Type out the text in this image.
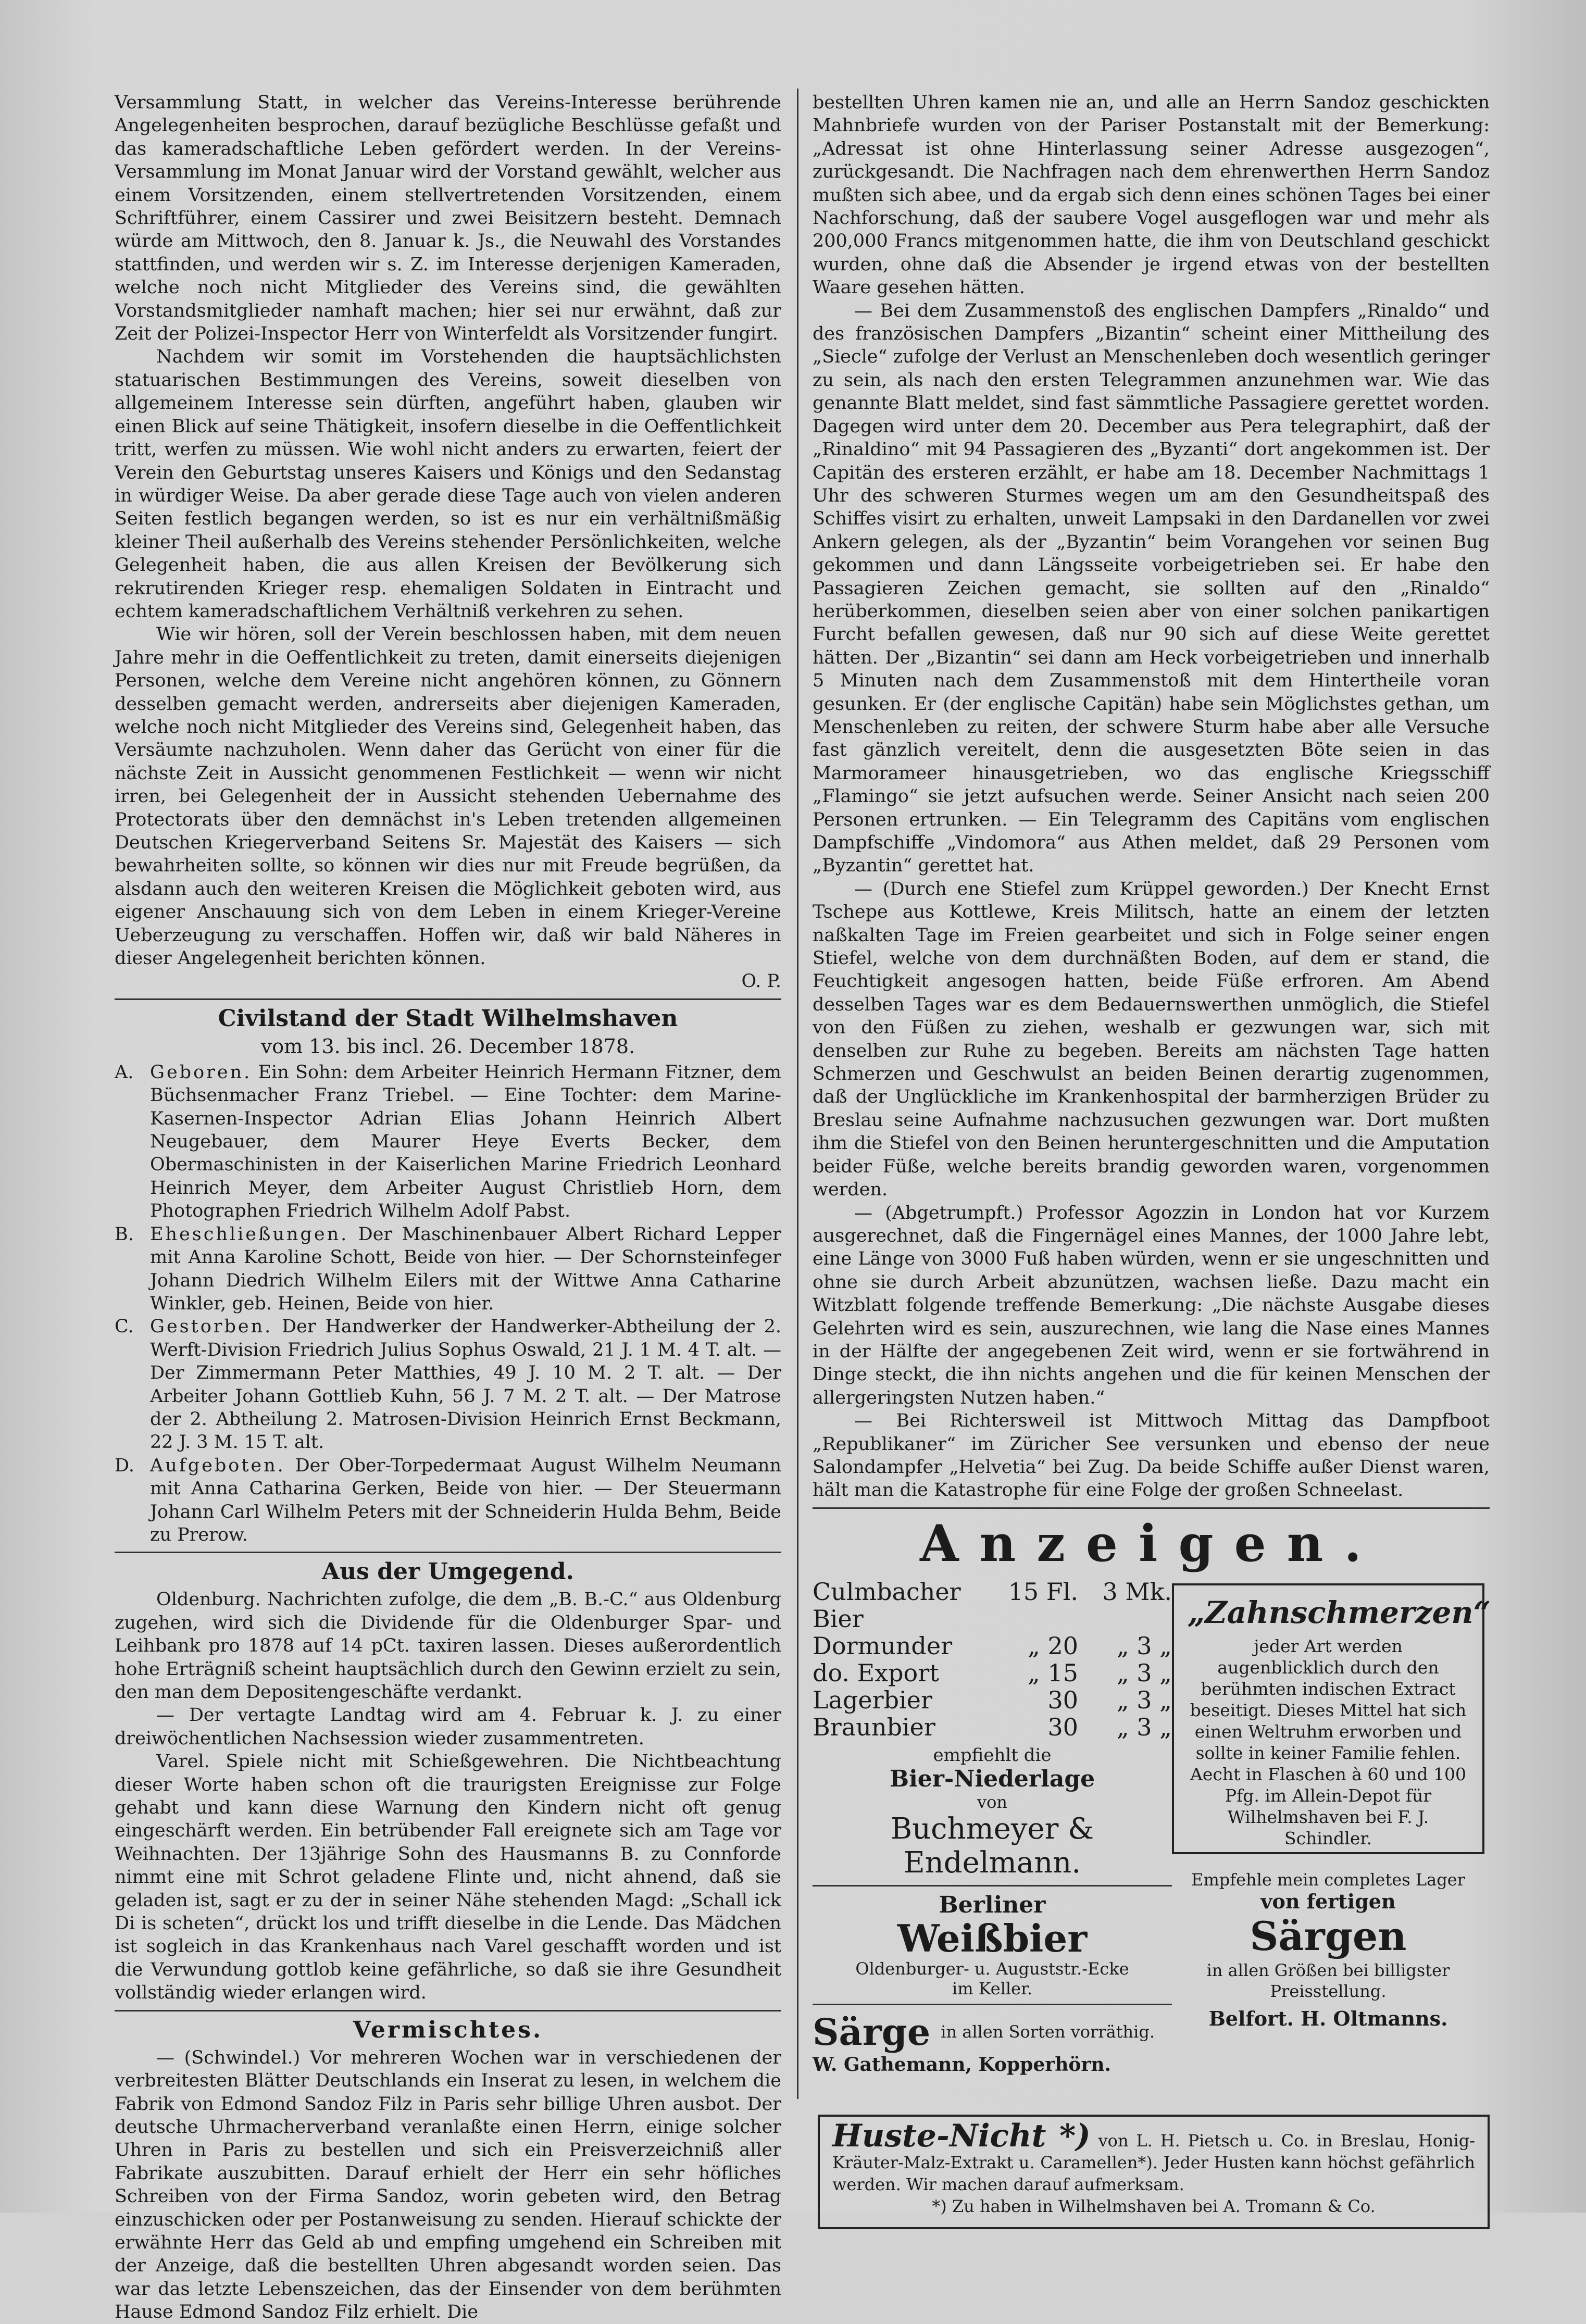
Versammlung Statt, in welcher das Vereins-Interesse berührende Angelegenheiten besprochen, darauf bezügliche Beschlüsse gefaßt und das kameradschaftliche Leben gefördert werden. In der Vereins-Versammlung im Monat Januar wird der Vorstand gewählt, welcher aus einem Vorsitzenden, einem stellvertretenden Vorsitzenden, einem Schriftführer, einem Cassirer und zwei Beisitzern besteht. Demnach würde am Mittwoch, den 8. Januar k. Js., die Neuwahl des Vorstandes stattfinden, und werden wir s. Z. im Interesse derjenigen Kameraden, welche noch nicht Mitglieder des Vereins sind, die gewählten Vorstandsmitglieder namhaft machen; hier sei nur erwähnt, daß zur Zeit der Polizei-Inspector Herr von Winterfeldt als Vorsitzender fungirt.

Nachdem wir somit im Vorstehenden die hauptsächlichsten statuarischen Bestimmungen des Vereins, soweit dieselben von allgemeinem Interesse sein dürften, angeführt haben, glauben wir einen Blick auf seine Thätigkeit, insofern dieselbe in die Oeffentlichkeit tritt, werfen zu müssen. Wie wohl nicht anders zu erwarten, feiert der Verein den Geburtstag unseres Kaisers und Königs und den Sedanstag in würdiger Weise. Da aber gerade diese Tage auch von vielen anderen Seiten festlich begangen werden, so ist es nur ein verhältnißmäßig kleiner Theil außerhalb des Vereins stehender Persönlichkeiten, welche Gelegenheit haben, die aus allen Kreisen der Bevölkerung sich rekrutirenden Krieger resp. ehemaligen Soldaten in Eintracht und echtem kameradschaftlichem Verhältniß verkehren zu sehen.

Wie wir hören, soll der Verein beschlossen haben, mit dem neuen Jahre mehr in die Oeffentlichkeit zu treten, damit einerseits diejenigen Personen, welche dem Vereine nicht angehören können, zu Gönnern desselben gemacht werden, andrerseits aber diejenigen Kameraden, welche noch nicht Mitglieder des Vereins sind, Gelegenheit haben, das Versäumte nachzuholen. Wenn daher das Gerücht von einer für die nächste Zeit in Aussicht genommenen Festlichkeit — wenn wir nicht irren, bei Gelegenheit der in Aussicht stehenden Uebernahme des Protectorats über den demnächst in's Leben tretenden allgemeinen Deutschen Kriegerverband Seitens Sr. Majestät des Kaisers — sich bewahrheiten sollte, so können wir dies nur mit Freude begrüßen, da alsdann auch den weiteren Kreisen die Möglichkeit geboten wird, aus eigener Anschauung sich von dem Leben in einem Krieger-Vereine Ueberzeugung zu verschaffen. Hoffen wir, daß wir bald Näheres in dieser Angelegenheit berichten können.

O. P.

Civilstand der Stadt Wilhelmshaven
vom 13. bis incl. 26. December 1878.
A. Geboren. Ein Sohn: dem Arbeiter Heinrich Hermann Fitzner, dem Büchsenmacher Franz Triebel. — Eine Tochter: dem Marine-Kasernen-Inspector Adrian Elias Johann Heinrich Albert Neugebauer, dem Maurer Heye Everts Becker, dem Obermaschinisten in der Kaiserlichen Marine Friedrich Leonhard Heinrich Meyer, dem Arbeiter August Christlieb Horn, dem Photographen Friedrich Wilhelm Adolf Pabst.
B. Eheschließungen. Der Maschinenbauer Albert Richard Lepper mit Anna Karoline Schott, Beide von hier. — Der Schornsteinfeger Johann Diedrich Wilhelm Eilers mit der Wittwe Anna Catharine Winkler, geb. Heinen, Beide von hier.
C. Gestorben. Der Handwerker der Handwerker-Abtheilung der 2. Werft-Division Friedrich Julius Sophus Oswald, 21 J. 1 M. 4 T. alt. — Der Zimmermann Peter Matthies, 49 J. 10 M. 2 T. alt. — Der Arbeiter Johann Gottlieb Kuhn, 56 J. 7 M. 2 T. alt. — Der Matrose der 2. Abtheilung 2. Matrosen-Division Heinrich Ernst Beckmann, 22 J. 3 M. 15 T. alt.
D. Aufgeboten. Der Ober-Torpedermaat August Wilhelm Neumann mit Anna Catharina Gerken, Beide von hier. — Der Steuermann Johann Carl Wilhelm Peters mit der Schneiderin Hulda Behm, Beide zu Prerow.
Aus der Umgegend.

Oldenburg. Nachrichten zufolge, die dem „B. B.-C.“ aus Oldenburg zugehen, wird sich die Dividende für die Oldenburger Spar- und Leihbank pro 1878 auf 14 pCt. taxiren lassen. Dieses außerordentlich hohe Erträgniß scheint hauptsächlich durch den Gewinn erzielt zu sein, den man dem Depositengeschäfte verdankt.

— Der vertagte Landtag wird am 4. Februar k. J. zu einer dreiwöchentlichen Nachsession wieder zusammentreten.

Varel. Spiele nicht mit Schießgewehren. Die Nichtbeachtung dieser Worte haben schon oft die traurigsten Ereignisse zur Folge gehabt und kann diese Warnung den Kindern nicht oft genug eingeschärft werden. Ein betrübender Fall ereignete sich am Tage vor Weihnachten. Der 13jährige Sohn des Hausmanns B. zu Connforde nimmt eine mit Schrot geladene Flinte und, nicht ahnend, daß sie geladen ist, sagt er zu der in seiner Nähe stehenden Magd: „Schall ick Di is scheten“, drückt los und trifft dieselbe in die Lende. Das Mädchen ist sogleich in das Krankenhaus nach Varel geschafft worden und ist die Verwundung gottlob keine gefährliche, so daß sie ihre Gesundheit vollständig wieder erlangen wird.

Vermischtes.

— (Schwindel.) Vor mehreren Wochen war in verschiedenen der verbreitesten Blätter Deutschlands ein Inserat zu lesen, in welchem die Fabrik von Edmond Sandoz Filz in Paris sehr billige Uhren ausbot. Der deutsche Uhrmacherverband veranlaßte einen Herrn, einige solcher Uhren in Paris zu bestellen und sich ein Preisverzeichniß aller Fabrikate auszubitten. Darauf erhielt der Herr ein sehr höfliches Schreiben von der Firma Sandoz, worin gebeten wird, den Betrag einzuschicken oder per Postanweisung zu senden. Hierauf schickte der erwähnte Herr das Geld ab und empfing umgehend ein Schreiben mit der Anzeige, daß die bestellten Uhren abgesandt worden seien. Das war das letzte Lebenszeichen, das der Einsender von dem berühmten Hause Edmond Sandoz Filz erhielt. Die

bestellten Uhren kamen nie an, und alle an Herrn Sandoz geschickten Mahnbriefe wurden von der Pariser Postanstalt mit der Bemerkung: „Adressat ist ohne Hinterlassung seiner Adresse ausgezogen“, zurückgesandt. Die Nachfragen nach dem ehrenwerthen Herrn Sandoz mußten sich abee, und da ergab sich denn eines schönen Tages bei einer Nachforschung, daß der saubere Vogel ausgeflogen war und mehr als 200,000 Francs mitgenommen hatte, die ihm von Deutschland geschickt wurden, ohne daß die Absender je irgend etwas von der bestellten Waare gesehen hätten.

— Bei dem Zusammenstoß des englischen Dampfers „Rinaldo“ und des französischen Dampfers „Bizantin“ scheint einer Mittheilung des „Siecle“ zufolge der Verlust an Menschenleben doch wesentlich geringer zu sein, als nach den ersten Telegrammen anzunehmen war. Wie das genannte Blatt meldet, sind fast sämmtliche Passagiere gerettet worden. Dagegen wird unter dem 20. December aus Pera telegraphirt, daß der „Rinaldino“ mit 94 Passagieren des „Byzanti“ dort angekommen ist. Der Capitän des ersteren erzählt, er habe am 18. December Nachmittags 1 Uhr des schweren Sturmes wegen um am den Gesundheitspaß des Schiffes visirt zu erhalten, unweit Lampsaki in den Dardanellen vor zwei Ankern gelegen, als der „Byzantin“ beim Vorangehen vor seinen Bug gekommen und dann Längsseite vorbeigetrieben sei. Er habe den Passagieren Zeichen gemacht, sie sollten auf den „Rinaldo“ herüberkommen, dieselben seien aber von einer solchen panikartigen Furcht befallen gewesen, daß nur 90 sich auf diese Weite gerettet hätten. Der „Bizantin“ sei dann am Heck vorbeigetrieben und innerhalb 5 Minuten nach dem Zusammenstoß mit dem Hintertheile voran gesunken. Er (der englische Capitän) habe sein Möglichstes gethan, um Menschenleben zu reiten, der schwere Sturm habe aber alle Versuche fast gänzlich vereitelt, denn die ausgesetzten Böte seien in das Marmorameer hinausgetrieben, wo das englische Kriegsschiff „Flamingo“ sie jetzt aufsuchen werde. Seiner Ansicht nach seien 200 Personen ertrunken. — Ein Telegramm des Capitäns vom englischen Dampfschiffe „Vindomora“ aus Athen meldet, daß 29 Personen vom „Byzantin“ gerettet hat.

— (Durch ene Stiefel zum Krüppel geworden.) Der Knecht Ernst Tschepe aus Kottlewe, Kreis Militsch, hatte an einem der letzten naßkalten Tage im Freien gearbeitet und sich in Folge seiner engen Stiefel, welche von dem durchnäßten Boden, auf dem er stand, die Feuchtigkeit angesogen hatten, beide Füße erfroren. Am Abend desselben Tages war es dem Bedauernswerthen unmöglich, die Stiefel von den Füßen zu ziehen, weshalb er gezwungen war, sich mit denselben zur Ruhe zu begeben. Bereits am nächsten Tage hatten Schmerzen und Geschwulst an beiden Beinen derartig zugenommen, daß der Unglückliche im Krankenhospital der barmherzigen Brüder zu Breslau seine Aufnahme nachzusuchen gezwungen war. Dort mußten ihm die Stiefel von den Beinen heruntergeschnitten und die Amputation beider Füße, welche bereits brandig geworden waren, vorgenommen werden.

— (Abgetrumpft.) Professor Agozzin in London hat vor Kurzem ausgerechnet, daß die Fingernägel eines Mannes, der 1000 Jahre lebt, eine Länge von 3000 Fuß haben würden, wenn er sie ungeschnitten und ohne sie durch Arbeit abzunützen, wachsen ließe. Dazu macht ein Witzblatt folgende treffende Bemerkung: „Die nächste Ausgabe dieses Gelehrten wird es sein, auszurechnen, wie lang die Nase eines Mannes in der Hälfte der angegebenen Zeit wird, wenn er sie fortwährend in Dinge steckt, die ihn nichts angehen und die für keinen Menschen der allergeringsten Nutzen haben.“

— Bei Richtersweil ist Mittwoch Mittag das Dampfboot „Republikaner“ im Züricher See versunken und ebenso der neue Salondampfer „Helvetia“ bei Zug. Da beide Schiffe außer Dienst waren, hält man die Katastrophe für eine Folge der großen Schneelast.

Anzeigen.
Culmbacher Bier
15 Fl.	3 Mk.
Dormunder	„ 20	„ 3 „
do. Export	„ 15	„ 3 „
Lagerbier	30	„ 3 „
Braunbier	30	„ 3 „
empfiehlt die
Bier-Niederlage
von
Buchmeyer & Endelmann.
Berliner
Weißbier
Oldenburger- u. Auguststr.-Ecke
im Keller.
Särge in allen Sorten vorräthig.
W. Gathemann, Kopperhörn.
„Zahnschmerzen“
jeder Art werden augenblicklich durch den berühmten indischen Extract beseitigt. Dieses Mittel hat sich einen Weltruhm erworben und sollte in keiner Familie fehlen. Aecht in Flaschen à 60 und 100 Pfg. im Allein-Depot für Wilhelmshaven bei F. J. Schindler.
Empfehle mein completes Lager
von fertigen
Särgen
in allen Größen bei billigster Preisstellung.
Belfort. H. Oltmanns.
Huste-Nicht *) von L. H. Pietsch u. Co. in Breslau, Honig-Kräuter-Malz-Extrakt u. Caramellen*). Jeder Husten kann höchst gefährlich werden. Wir machen darauf aufmerksam.
*) Zu haben in Wilhelmshaven bei A. Tromann & Co.
